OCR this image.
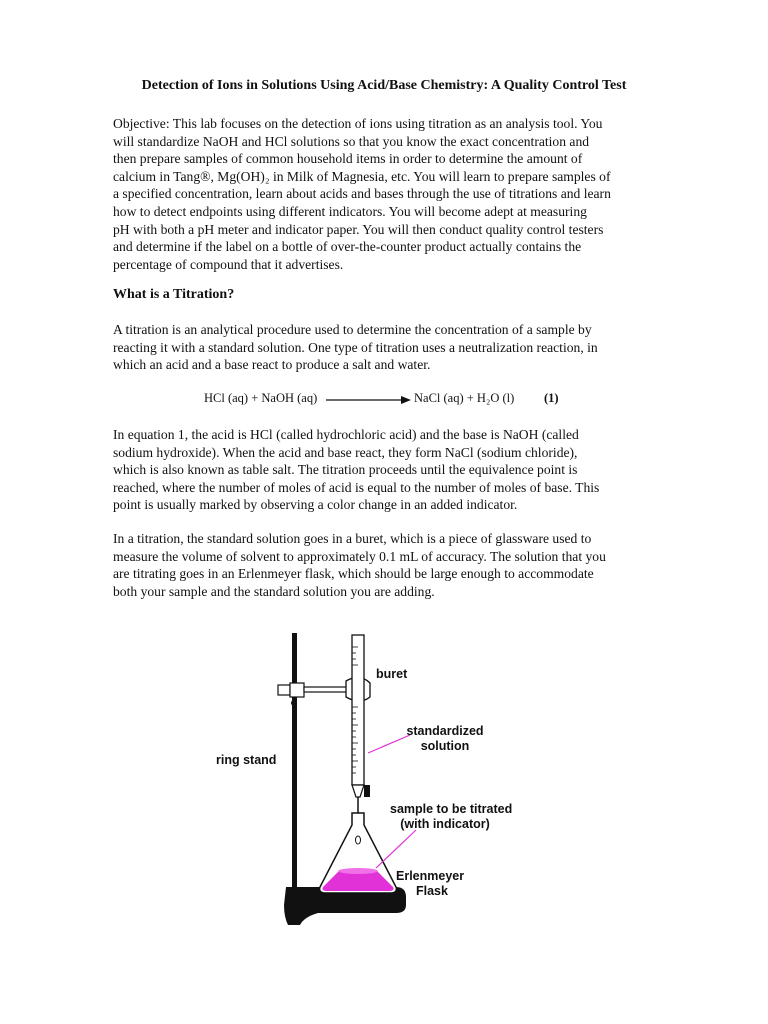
Detection of Ions in Solutions Using Acid/Base Chemistry: A Quality Control Test

Objective: This lab focuses on the detection of ions using titration as an analysis tool. You
will standardize NaOH and HCl solutions so that you know the exact concentration and
then prepare samples of common household items in order to determine the amount of
calcium in Tang®, Mg(OH)₂ in Milk of Magnesia, etc. You will learn to prepare samples of
a specified concentration, learn about acids and bases through the use of titrations and learn
how to detect endpoints using different indicators. You will become adept at measuring
pH with both a pH meter and indicator paper. You will then conduct quality control testers
and determine if the label on a bottle of over-the-counter product actually contains the
percentage of compound that it advertises.

What is a Titration?

A titration is an analytical procedure used to determine the concentration of a sample by
reacting it with a standard solution. One type of titration uses a neutralization reaction, in
which an acid and a base react to produce a salt and water.

HCl (aq) + NaOH (aq)	NaCl (aq) + H₂O (l) (1)

In equation 1, the acid is HCl (called hydrochloric acid) and the base is NaOH (called
sodium hydroxide). When the acid and base react, they form NaCl (sodium chloride),
which is also known as table salt. The titration proceeds until the equivalence point is
reached, where the number of moles of acid is equal to the number of moles of base. This
point is usually marked by observing a color change in an added indicator.

In a titration, the standard solution goes in a buret, which is a piece of glassware used to
measure the volume of solvent to approximately 0.1 mL of accuracy. The solution that you
are titrating goes in an Erlenmeyer flask, which should be large enough to accommodate
both your sample and the standard solution you are adding.

buret
standardized
solution
ring stand
sample to be titrated
(with indicator)
Erlenmeyer
Flask
